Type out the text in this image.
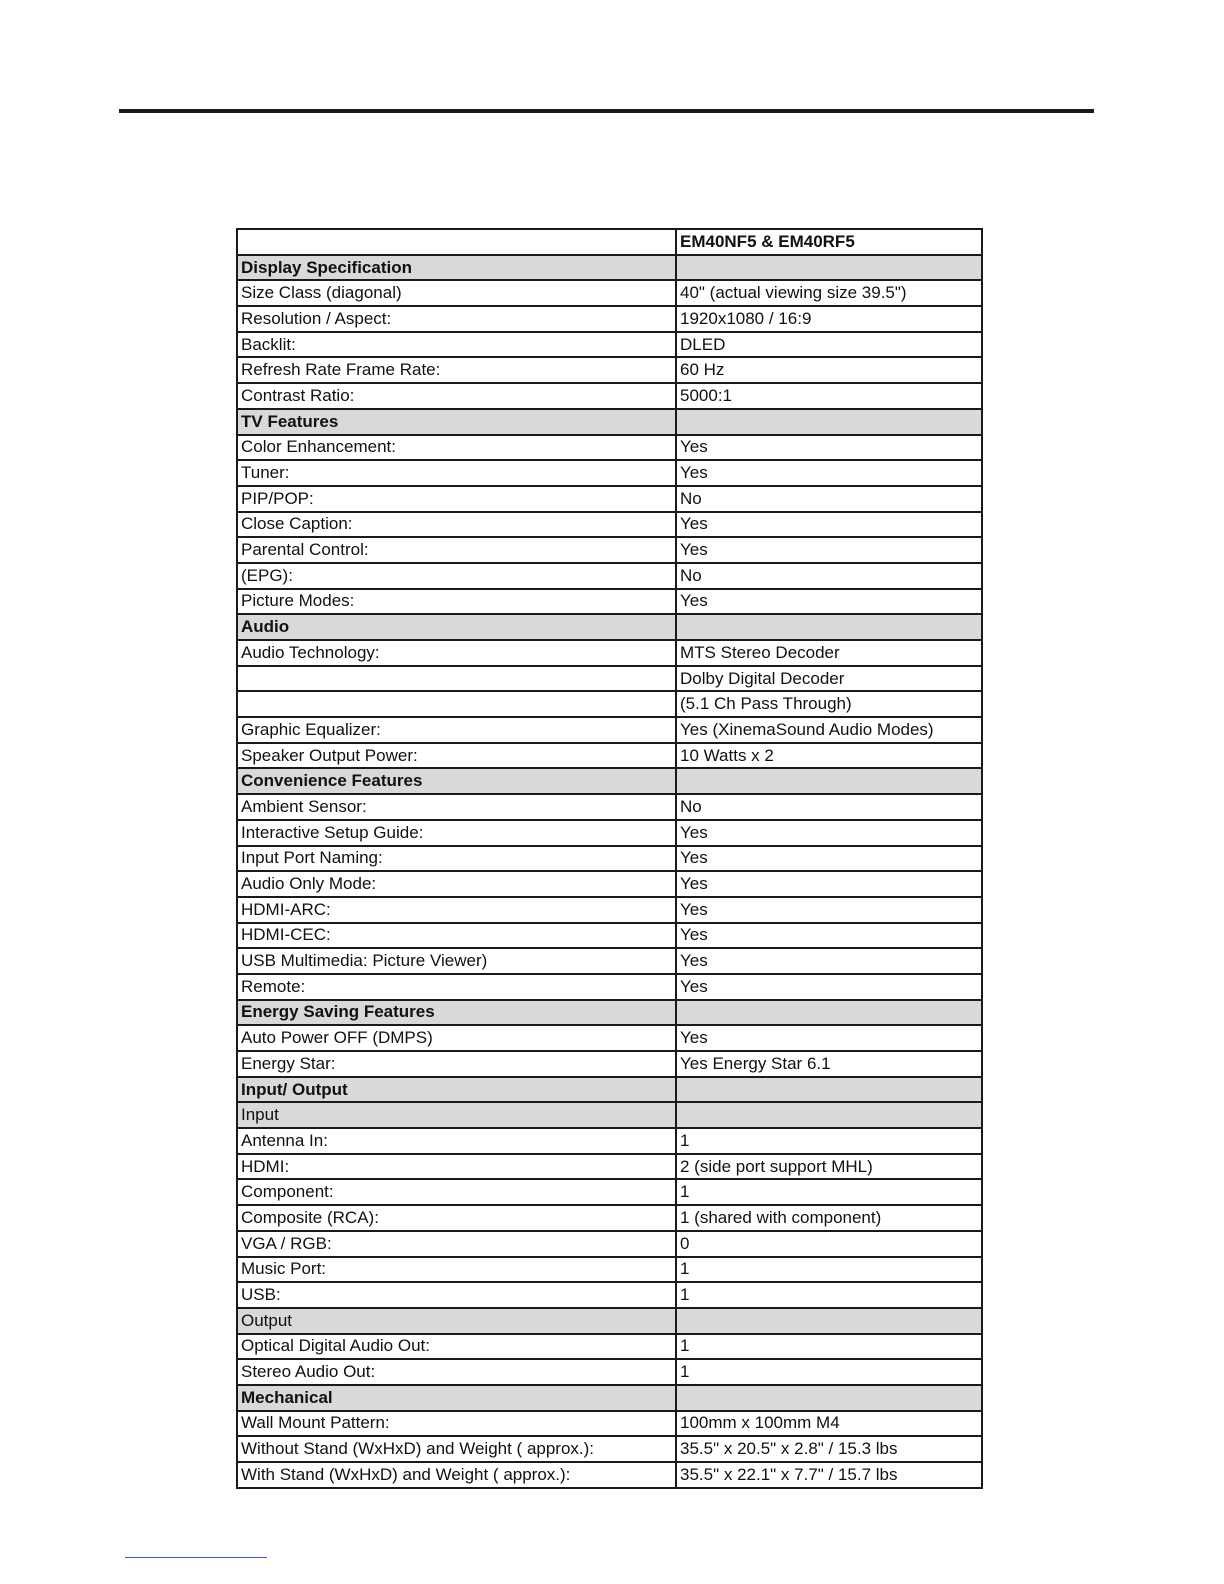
	EM40NF5 & EM40RF5
Display Specification	
Size Class (diagonal)	40" (actual viewing size 39.5")
Resolution / Aspect:	1920x1080 / 16:9
Backlit:	DLED
Refresh Rate Frame Rate:	60 Hz
Contrast Ratio:	5000:1
TV Features	
Color Enhancement:	Yes
Tuner:	Yes
PIP/POP:	No
Close Caption:	Yes
Parental Control:	Yes
(EPG):	No
Picture Modes:	Yes
Audio	
Audio Technology:	MTS Stereo Decoder
	Dolby Digital Decoder
	(5.1 Ch Pass Through)
Graphic Equalizer:	Yes (XinemaSound Audio Modes)
Speaker Output Power:	10 Watts x 2
Convenience Features	
Ambient Sensor:	No
Interactive Setup Guide:	Yes
Input Port Naming:	Yes
Audio Only Mode:	Yes
HDMI-ARC:	Yes
HDMI-CEC:	Yes
USB Multimedia: Picture Viewer)	Yes
Remote:	Yes
Energy Saving Features	
Auto Power OFF (DMPS)	Yes
Energy Star:	Yes Energy Star 6.1
Input/ Output	
Input	
Antenna In:	1
HDMI:	2 (side port support MHL)
Component:	1
Composite (RCA):	1 (shared with component)
VGA / RGB:	0
Music Port:	1
USB:	1
Output	
Optical Digital Audio Out:	1
Stereo Audio Out:	1
Mechanical	
Wall Mount Pattern:	100mm x 100mm M4
Without Stand (WxHxD) and Weight ( approx.):	35.5" x 20.5" x 2.8" / 15.3 lbs
With Stand (WxHxD) and Weight ( approx.):	35.5" x 22.1" x 7.7" / 15.7 lbs
